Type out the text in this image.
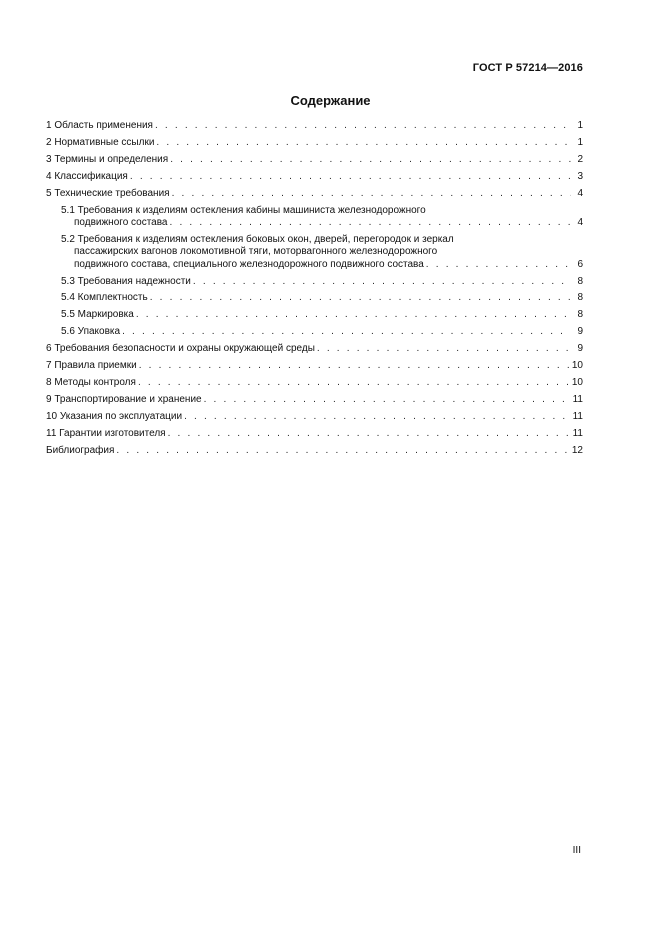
ГОСТ Р 57214—2016
Содержание
1 Область применения . . .	1
2 Нормативные ссылки . . .	1
3 Термины и определения . . .	2
4 Классификация . . .	3
5 Технические требования . . .	4
5.1 Требования к изделиям остекления кабины машиниста железнодорожного
подвижного состава . . .	4
5.2 Требования к изделиям остекления боковых окон, дверей, перегородок и зеркал
пассажирских вагонов локомотивной тяги, моторвагонного железнодорожного
подвижного состава, специального железнодорожного подвижного состава . . .	6
5.3 Требования надежности . . .	8
5.4 Комплектность . . .	8
5.5 Маркировка . . .	8
5.6 Упаковка . . .	9
6 Требования безопасности и охраны окружающей среды . . .	9
7 Правила приемки . . .	10
8 Методы контроля . . .	10
9 Транспортирование и хранение . . .	11
10 Указания по эксплуатации . . .	11
11 Гарантии изготовителя . . .	11
Библиография . . .	12
III
